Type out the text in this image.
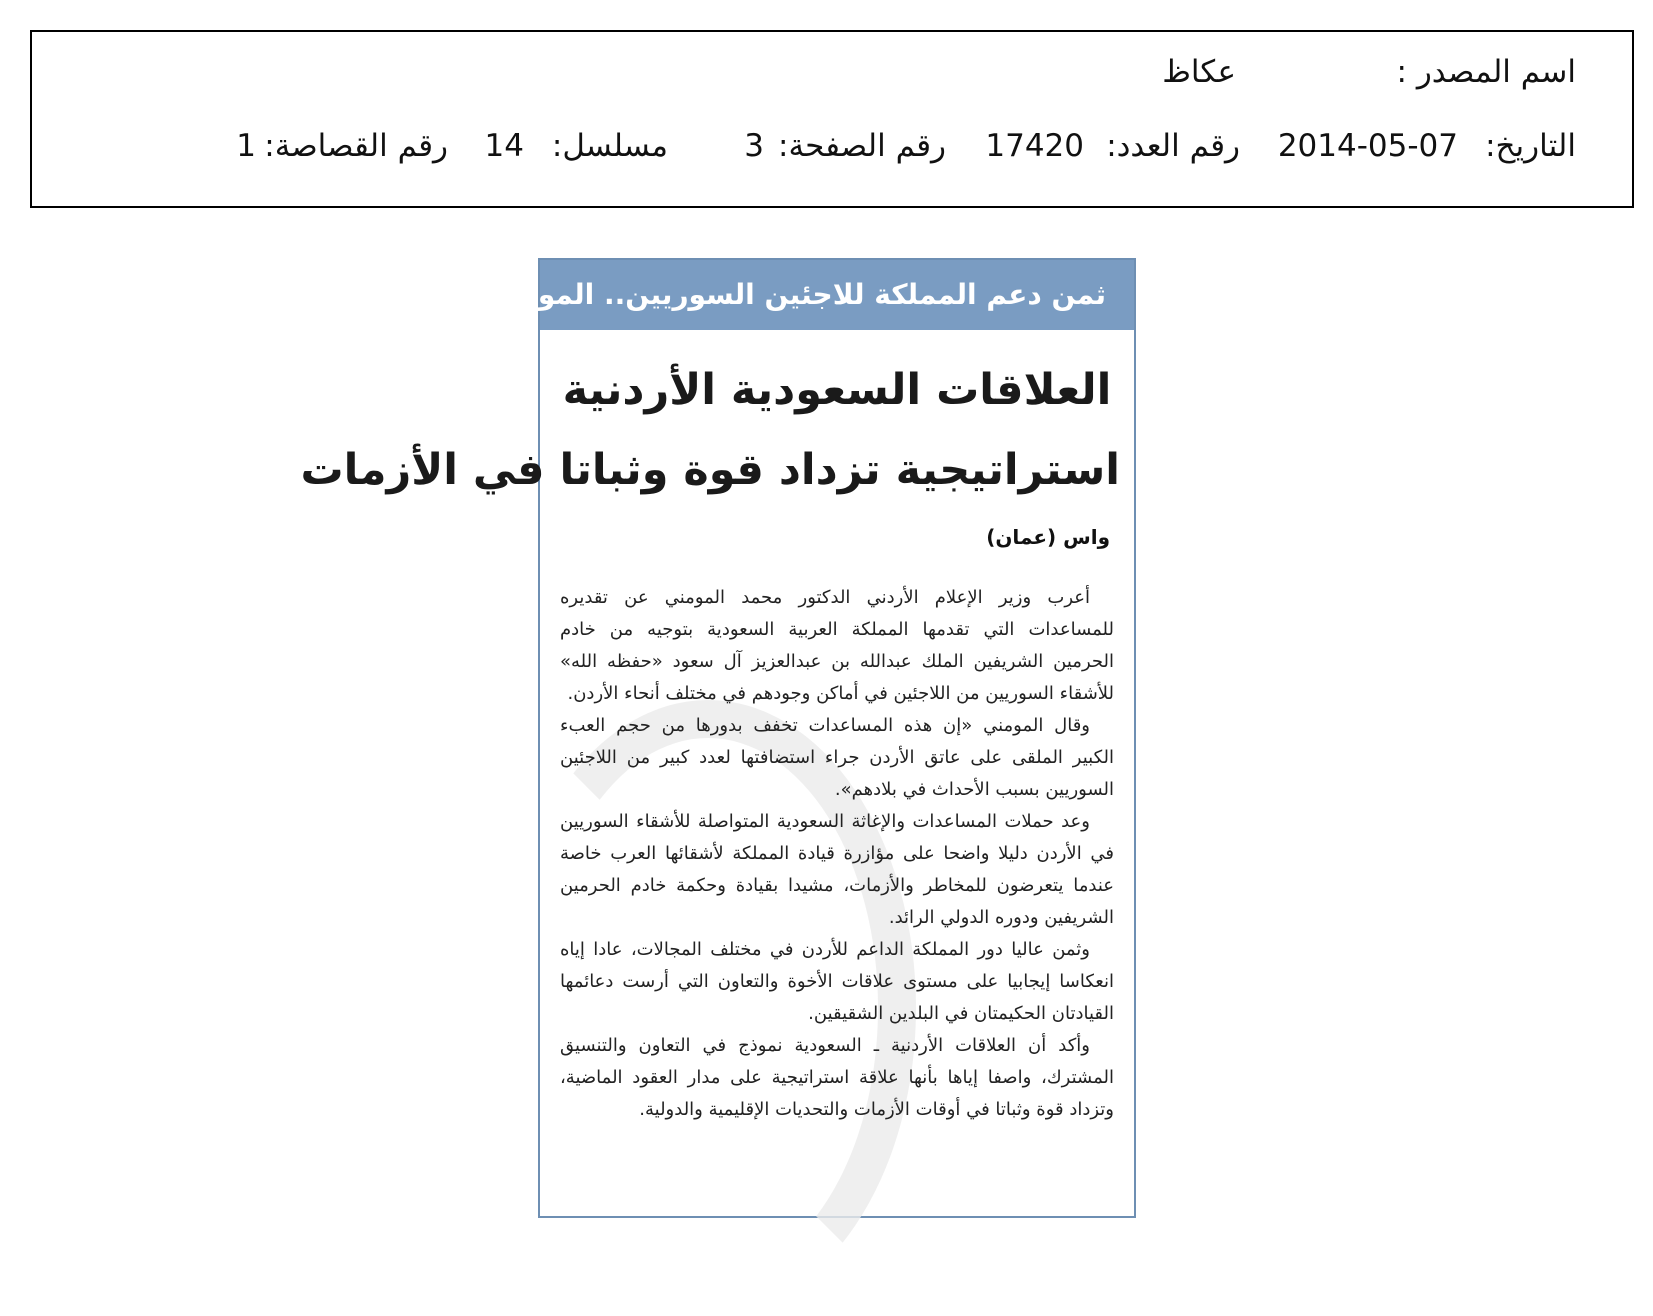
اسم المصدر :
عكاظ
التاريخ:
2014-05-07
رقم العدد:
17420
رقم الصفحة:
3
مسلسل:
14
رقم القصاصة:
1
ثمن دعم المملكة للاجئين السوريين.. المومني:
العلاقات السعودية الأردنية
استراتيجية تزداد قوة وثباتا في الأزمات
واس (عمان)

أعرب وزير الإعلام الأردني الدكتور محمد المومني عن تقديره للمساعدات التي تقدمها المملكة العربية السعودية بتوجيه من خادم الحرمين الشريفين الملك عبدالله بن عبدالعزيز آل سعود «حفظه الله» للأشقاء السوريين من اللاجئين في أماكن وجودهم في مختلف أنحاء الأردن.

وقال المومني «إن هذه المساعدات تخفف بدورها من حجم العبء الكبير الملقى على عاتق الأردن جراء استضافتها لعدد كبير من اللاجئين السوريين بسبب الأحداث في بلادهم».

وعد حملات المساعدات والإغاثة السعودية المتواصلة للأشقاء السوريين في الأردن دليلا واضحا على مؤازرة قيادة المملكة لأشقائها العرب خاصة عندما يتعرضون للمخاطر والأزمات، مشيدا بقيادة وحكمة خادم الحرمين الشريفين ودوره الدولي الرائد.

وثمن عاليا دور المملكة الداعم للأردن في مختلف المجالات، عادا إياه انعكاسا إيجابيا على مستوى علاقات الأخوة والتعاون التي أرست دعائمها القيادتان الحكيمتان في البلدين الشقيقين.

وأكد أن العلاقات الأردنية ـ السعودية نموذج في التعاون والتنسيق المشترك، واصفا إياها بأنها علاقة استراتيجية على مدار العقود الماضية، وتزداد قوة وثباتا في أوقات الأزمات والتحديات الإقليمية والدولية.
